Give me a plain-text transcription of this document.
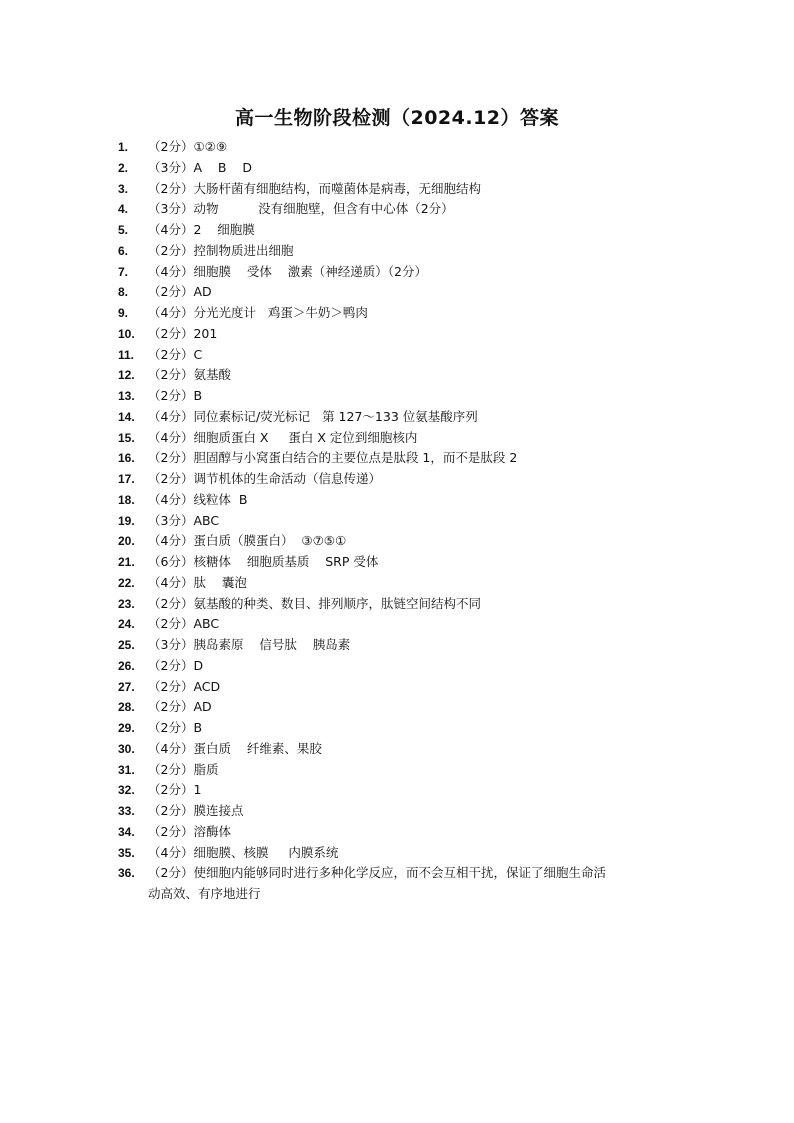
高一生物阶段检测（2024.12）答案
1.	（2分）①②⑨
2.	（3分）A    B    D
3.	（2分）大肠杆菌有细胞结构，而噬菌体是病毒，无细胞结构
4.	（3分）动物          没有细胞壁，但含有中心体（2分）
5.	（4分）2    细胞膜
6.	（2分）控制物质进出细胞
7.	（4分）细胞膜    受体    激素（神经递质）（2分）
8.	（2分）AD
9.	（4分）分光光度计   鸡蛋＞牛奶＞鸭肉
10.	（2分）201
11.	（2分）C
12.	（2分）氨基酸
13.	（2分）B
14.	（4分）同位素标记/荧光标记   第 127～133 位氨基酸序列
15.	（4分）细胞质蛋白 X     蛋白 X 定位到细胞核内
16.	（2分）胆固醇与小窝蛋白结合的主要位点是肽段 1，而不是肽段 2
17.	（2分）调节机体的生命活动（信息传递）
18.	（4分）线粒体  B
19.	（3分）ABC
20.	（4分）蛋白质（膜蛋白）  ③⑦⑤①
21.	（6分）核糖体    细胞质基质    SRP 受体
22.	（4分）肽    囊泡
23.	（2分）氨基酸的种类、数目、排列顺序，肽链空间结构不同
24.	（2分）ABC
25.	（3分）胰岛素原    信号肽    胰岛素
26.	（2分）D
27.	（2分）ACD
28.	（2分）AD
29.	（2分）B
30.	（4分）蛋白质    纤维素、果胶
31.	（2分）脂质
32.	（2分）1
33.	（2分）膜连接点
34.	（2分）溶酶体
35.	（4分）细胞膜、核膜     内膜系统
36.	（2分）使细胞内能够同时进行多种化学反应，而不会互相干扰，保证了细胞生命活
动高效、有序地进行
